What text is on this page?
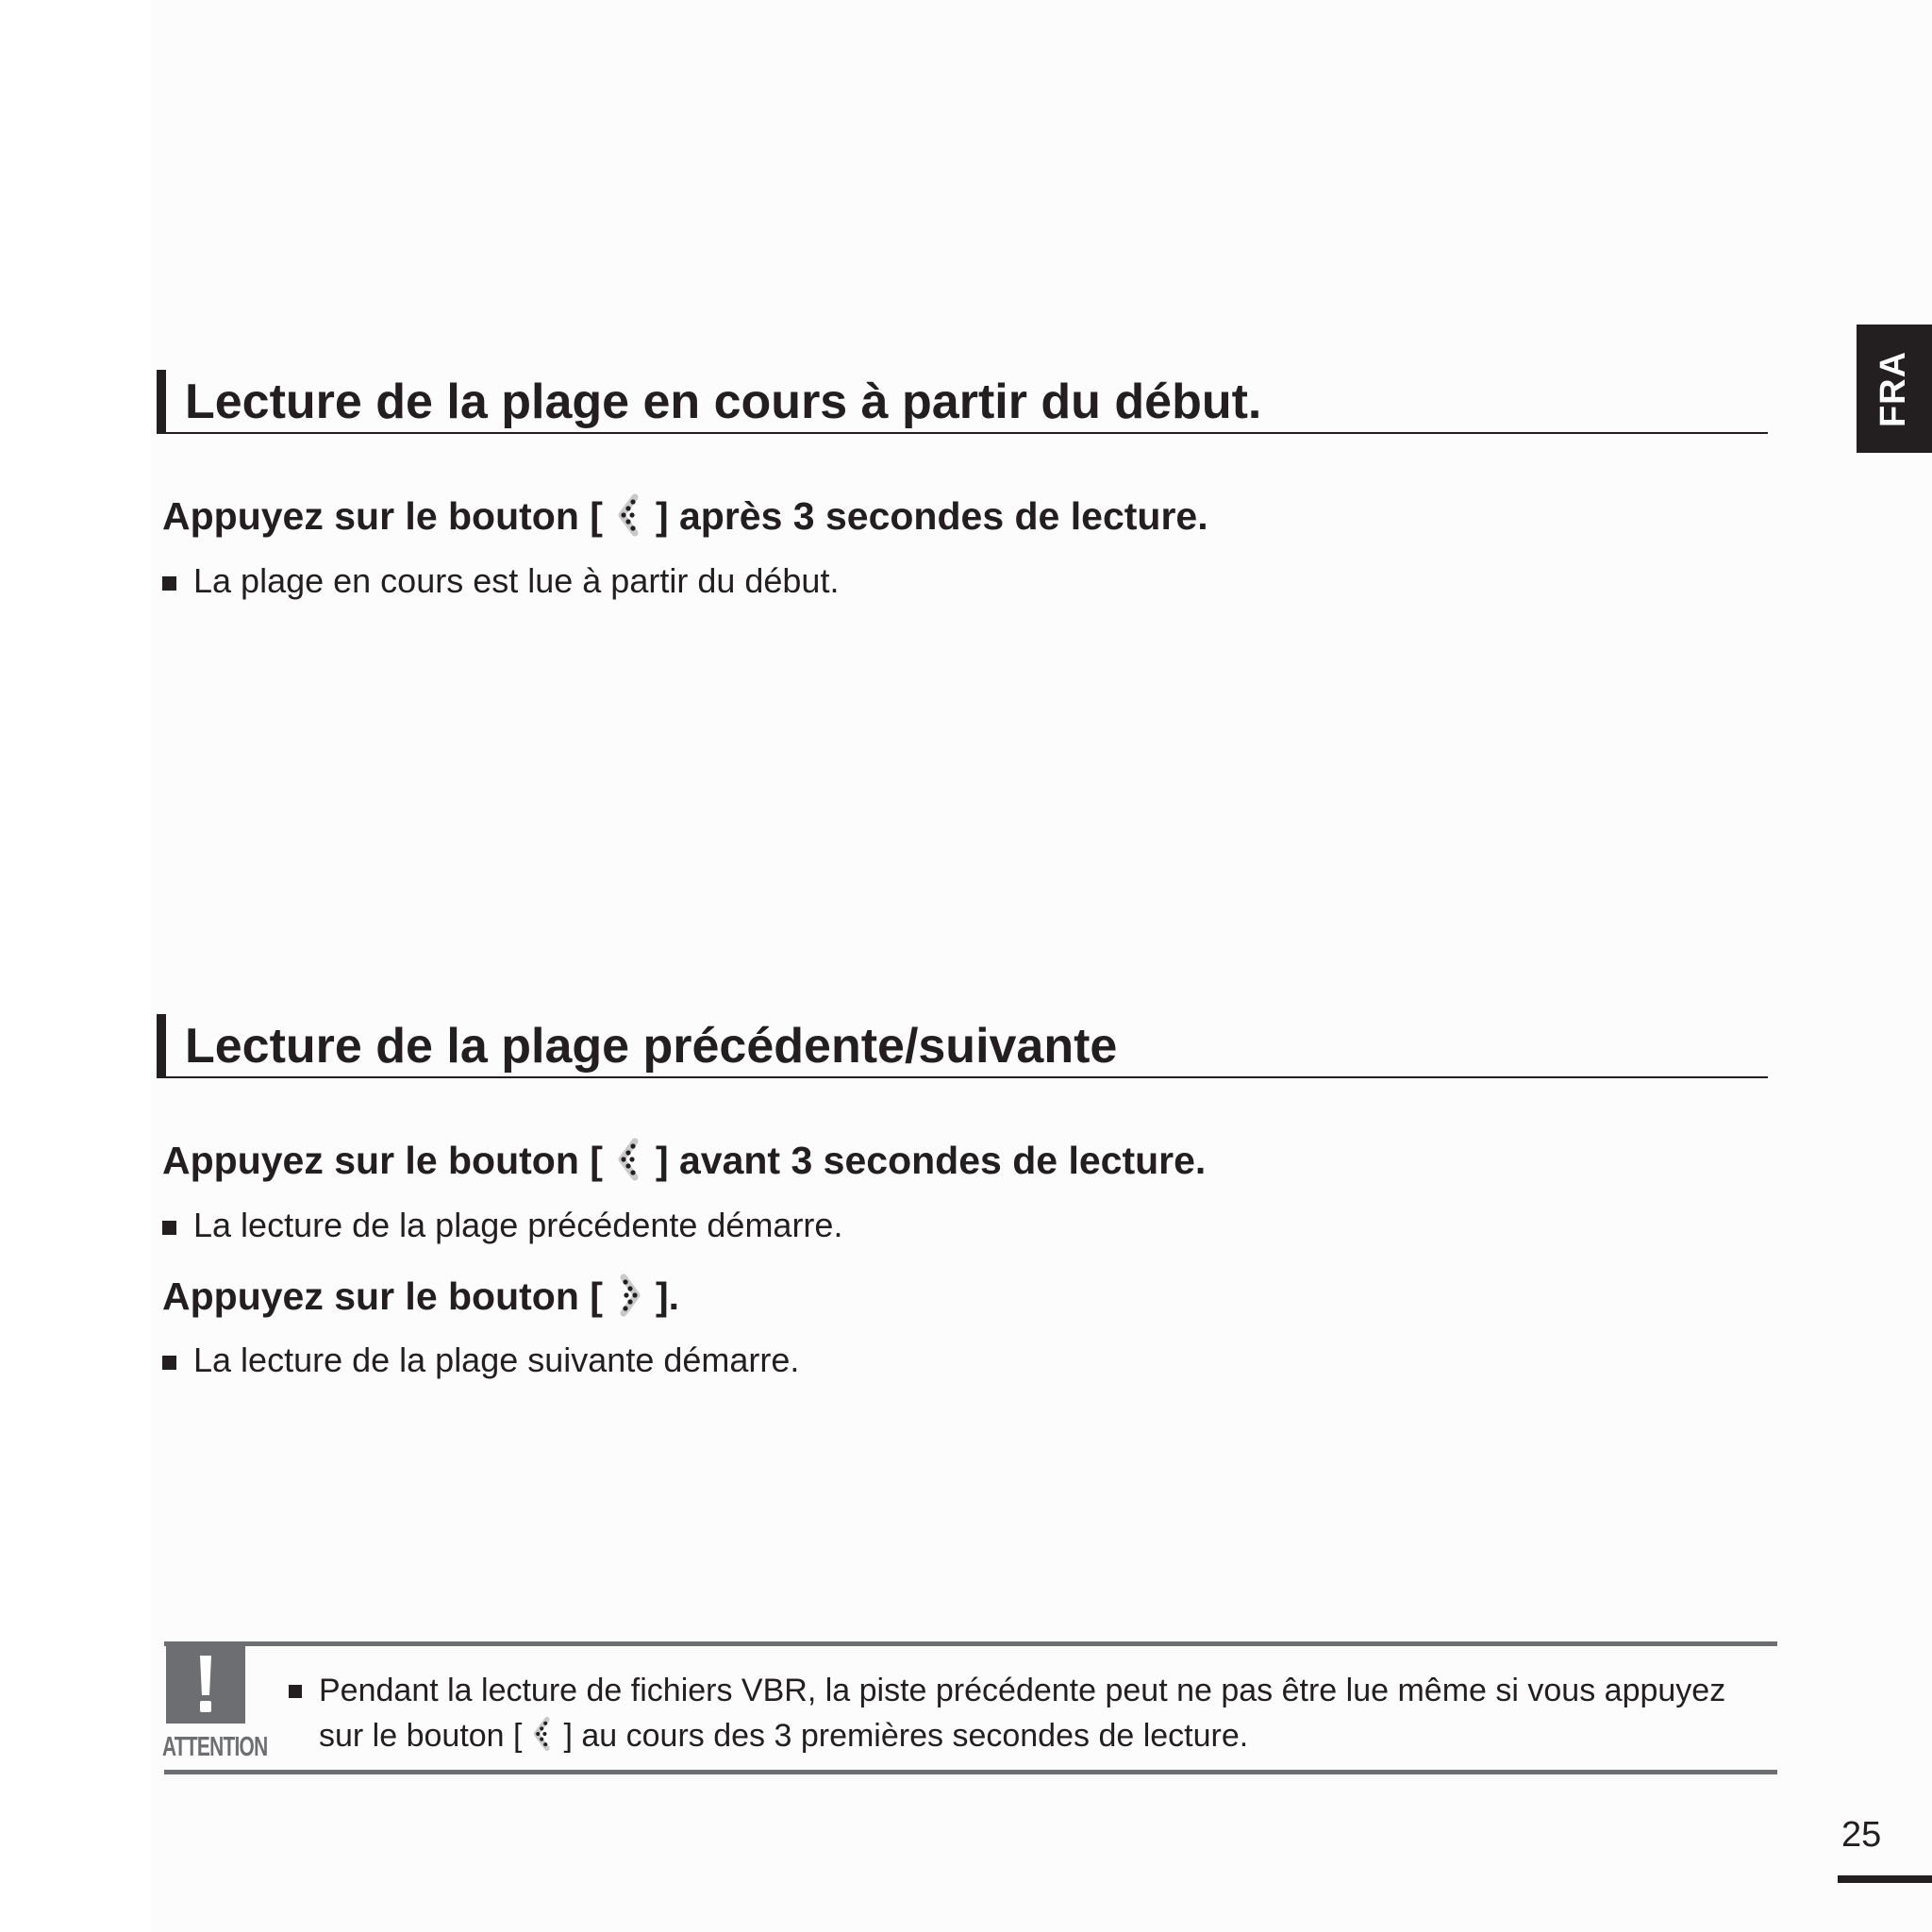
FRA
Lecture de la plage en cours à partir du début.
Appuyez sur le bouton [ ] après 3 secondes de lecture.
La plage en cours est lue à partir du début.
Lecture de la plage précédente/suivante
Appuyez sur le bouton [ ] avant 3 secondes de lecture.
La lecture de la plage précédente démarre.
Appuyez sur le bouton [ ].
La lecture de la plage suivante démarre.
ATTENTION
Pendant la lecture de fichiers VBR, la piste précédente peut ne pas être lue même si vous appuyez
sur le bouton [ ] au cours des 3 premières secondes de lecture.
25
